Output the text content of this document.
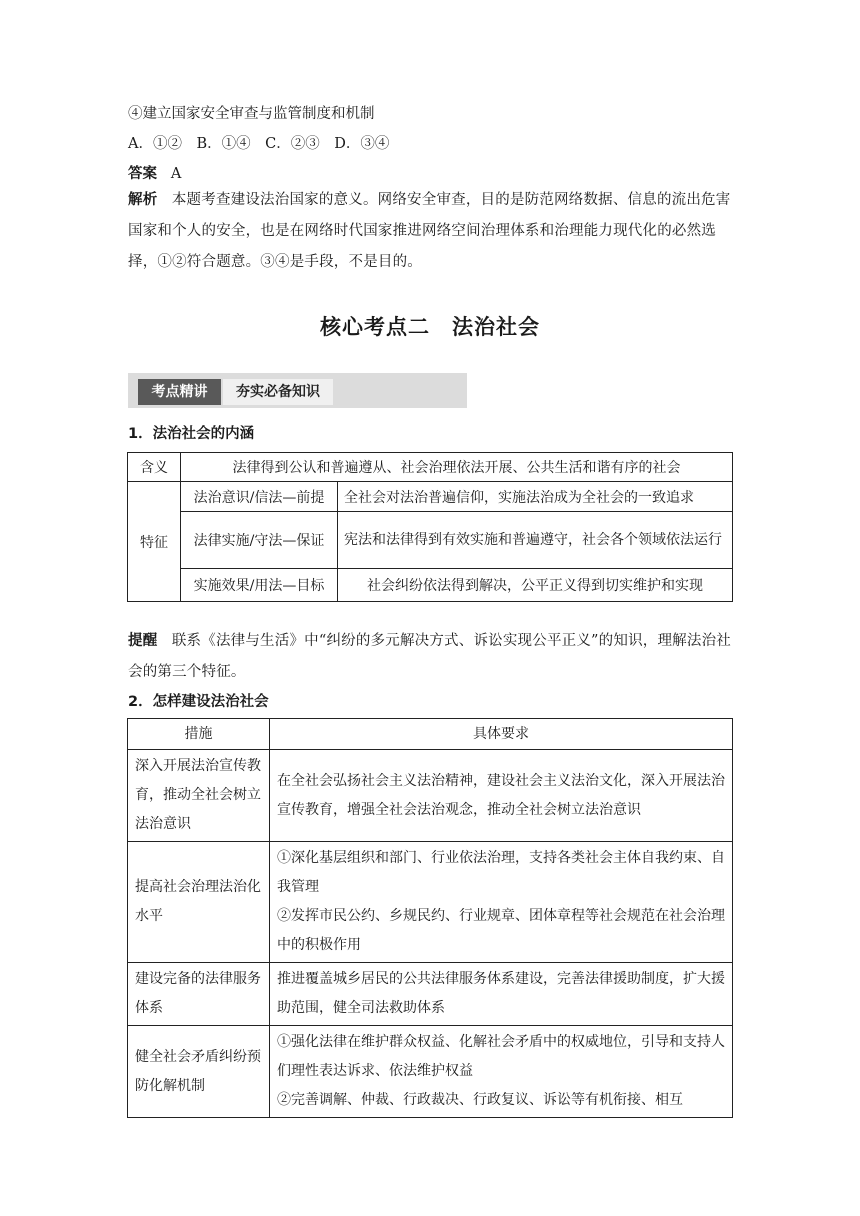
④建立国家安全审查与监管制度和机制
A．①②　B．①④　C．②③　D．③④
答案 A
解析 本题考查建设法治国家的意义。网络安全审查，目的是防范网络数据、信息的流出危害国家和个人的安全，也是在网络时代国家推进网络空间治理体系和治理能力现代化的必然选择，①②符合题意。③④是手段，不是目的。
核心考点二　法治社会
考点精讲	夯实必备知识
1．法治社会的内涵
含义	法律得到公认和普遍遵从、社会治理依法开展、公共生活和谐有序的社会	
特征	法治意识/信法—前提	全社会对法治普遍信仰，实施法治成为全社会的一致追求
	法律实施/守法—保证	宪法和法律得到有效实施和普遍遵守，社会各个领域依法运行
	实施效果/用法—目标	社会纠纷依法得到解决，公平正义得到切实维护和实现
提醒 联系《法律与生活》中“纠纷的多元解决方式、诉讼实现公平正义”的知识，理解法治社会的第三个特征。
2．怎样建设法治社会
措施	具体要求
深入开展法治宣传教育，推动全社会树立法治意识	在全社会弘扬社会主义法治精神，建设社会主义法治文化，深入开展法治宣传教育，增强全社会法治观念，推动全社会树立法治意识
提高社会治理法治化水平	①深化基层组织和部门、行业依法治理，支持各类社会主体自我约束、自我管理
②发挥市民公约、乡规民约、行业规章、团体章程等社会规范在社会治理中的积极作用

建设完备的法律服务体系	推进覆盖城乡居民的公共法律服务体系建设，完善法律援助制度，扩大援助范围，健全司法救助体系
健全社会矛盾纠纷预防化解机制	①强化法律在维护群众权益、化解社会矛盾中的权威地位，引导和支持人们理性表达诉求、依法维护权益
②完善调解、仲裁、行政裁决、行政复议、诉讼等有机衔接、相互
